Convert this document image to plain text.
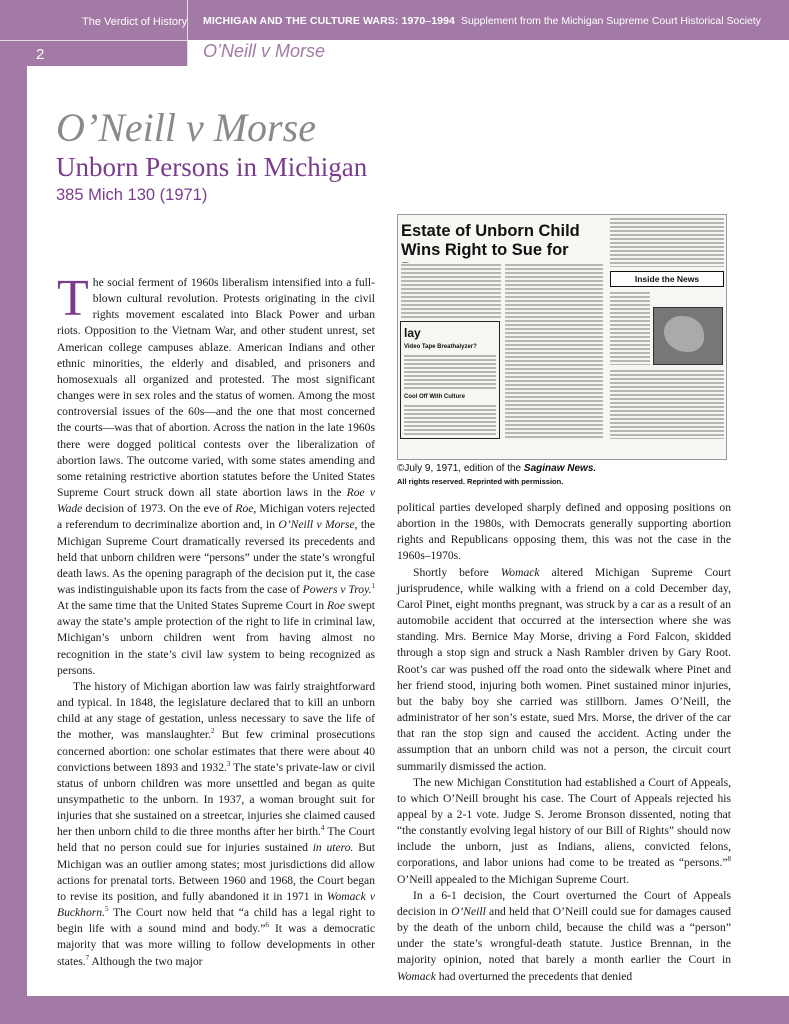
The Verdict of History
2
MICHIGAN AND THE CULTURE WARS: 1970–1994 Supplement from the Michigan Supreme Court Historical Society
O’Neill v Morse
O’Neill v Morse
Unborn Persons in Michigan
385 Mich 130 (1971)
Estate of Unborn Child Wins Right to Sue for
lay
Video Tape Breathalyzer?
Cool Off With Culture
Inside the News
©July 9, 1971, edition of the Saginaw News.
All rights reserved. Reprinted with permission.

The social ferment of 1960s liberalism intensified into a full-blown cultural revolution. Protests originating in the civil rights movement escalated into Black Power and urban riots. Opposition to the Vietnam War, and other student unrest, set American college campuses ablaze. American Indians and other ethnic minorities, the elderly and disabled, and prisoners and homosexuals all organized and protested. The most significant changes were in sex roles and the status of women. Among the most controversial issues of the 60s—and the one that most concerned the courts—was that of abortion. Across the nation in the late 1960s there were dogged political contests over the liberalization of abortion laws. The outcome varied, with some states amending and some retaining restrictive abortion statutes before the United States Supreme Court struck down all state abortion laws in the Roe v Wade decision of 1973. On the eve of Roe, Michigan voters rejected a referendum to decriminalize abortion and, in O’Neill v Morse, the Michigan Supreme Court dramatically reversed its precedents and held that unborn children were “persons” under the state’s wrongful death laws. As the opening paragraph of the decision put it, the case was indistinguishable upon its facts from the case of Powers v Troy.$^1$ At the same time that the United States Supreme Court in Roe swept away the state’s ample protection of the right to life in criminal law, Michigan’s unborn children went from having almost no recognition in the state’s civil law system to being recognized as persons.

The history of Michigan abortion law was fairly straightforward and typical. In 1848, the legislature declared that to kill an unborn child at any stage of gestation, unless necessary to save the life of the mother, was manslaughter.$^2$ But few criminal prosecutions concerned abortion: one scholar estimates that there were about 40 convictions between 1893 and 1932.$^3$ The state’s private-law or civil status of unborn children was more unsettled and began as quite unsympathetic to the unborn. In 1937, a woman brought suit for injuries that she sustained on a streetcar, injuries she claimed caused her then unborn child to die three months after her birth.$^4$ The Court held that no person could sue for injuries sustained in utero. But Michigan was an outlier among states; most jurisdictions did allow actions for prenatal torts. Between 1960 and 1968, the Court began to revise its position, and fully abandoned it in 1971 in Womack v Buckhorn.$^5$ The Court now held that “a child has a legal right to begin life with a sound mind and body.”$^6$ It was a democratic majority that was more willing to follow developments in other states.$^7$ Although the two major

political parties developed sharply defined and opposing positions on abortion in the 1980s, with Democrats generally supporting abortion rights and Republicans opposing them, this was not the case in the 1960s–1970s.

Shortly before Womack altered Michigan Supreme Court jurisprudence, while walking with a friend on a cold December day, Carol Pinet, eight months pregnant, was struck by a car as a result of an automobile accident that occurred at the intersection where she was standing. Mrs. Bernice May Morse, driving a Ford Falcon, skidded through a stop sign and struck a Nash Rambler driven by Gary Root. Root’s car was pushed off the road onto the sidewalk where Pinet and her friend stood, injuring both women. Pinet sustained minor injuries, but the baby boy she carried was stillborn. James O’Neill, the administrator of her son’s estate, sued Mrs. Morse, the driver of the car that ran the stop sign and caused the accident. Acting under the assumption that an unborn child was not a person, the circuit court summarily dismissed the action.

The new Michigan Constitution had established a Court of Appeals, to which O’Neill brought his case. The Court of Appeals rejected his appeal by a 2-1 vote. Judge S. Jerome Bronson dissented, noting that “the constantly evolving legal history of our Bill of Rights” should now include the unborn, just as Indians, aliens, convicted felons, corporations, and labor unions had come to be treated as “persons.”$^8$ O’Neill appealed to the Michigan Supreme Court.

In a 6-1 decision, the Court overturned the Court of Appeals decision in O’Neill and held that O’Neill could sue for damages caused by the death of the unborn child, because the child was a “person” under the state’s wrongful-death statute. Justice Brennan, in the majority opinion, noted that barely a month earlier the Court in Womack had overturned the precedents that denied
